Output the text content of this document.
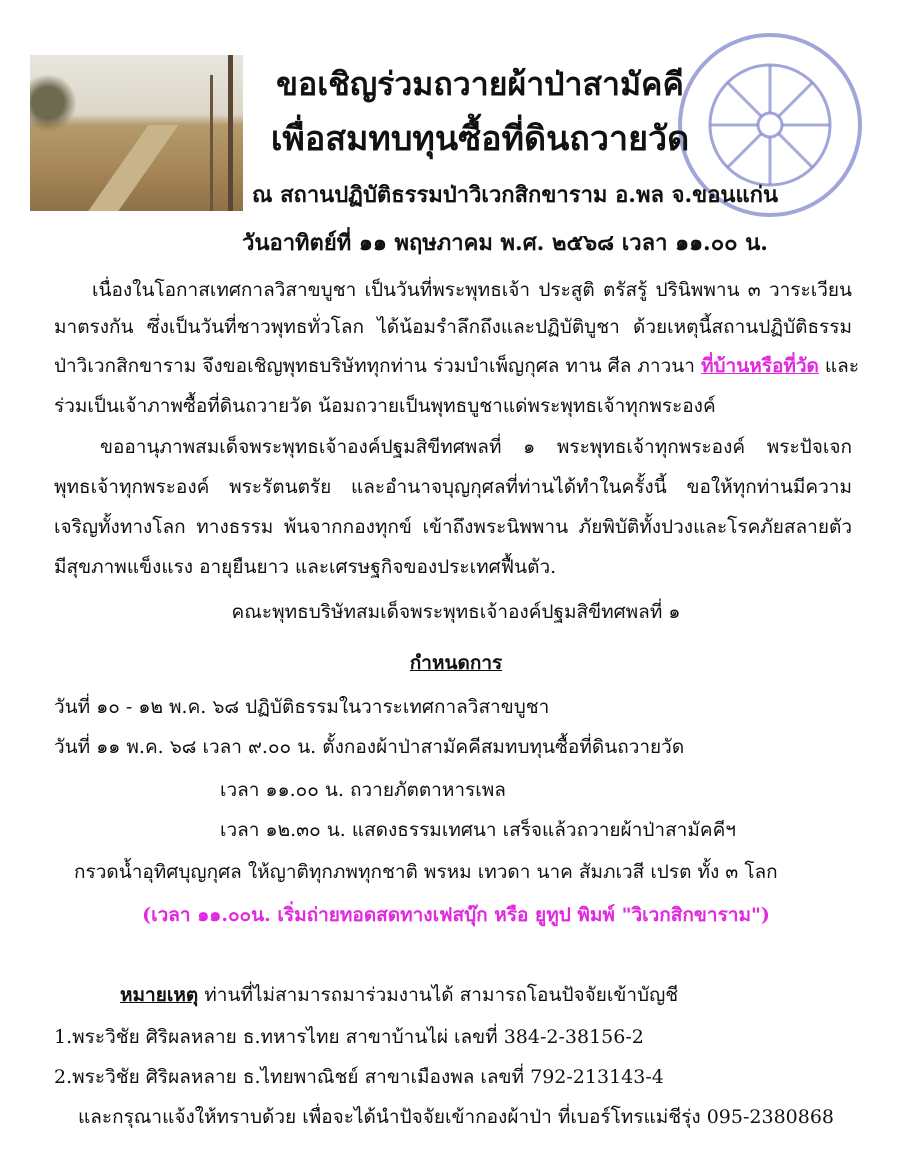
ขอเชิญร่วมถวายผ้าป่าสามัคคี
เพื่อสมทบทุนซื้อที่ดินถวายวัด
ณ สถานปฏิบัติธรรมป่าวิเวกสิกขาราม อ.พล จ.ขอนแก่น
วันอาทิตย์ที่ ๑๑ พฤษภาคม พ.ศ. ๒๕๖๘ เวลา ๑๑.๐๐ น.
เนื่องในโอกาสเทศกาลวิสาขบูชา เป็นวันที่พระพุทธเจ้า ประสูติ ตรัสรู้ ปรินิพพาน ๓ วาระเวียน
มาตรงกัน ซึ่งเป็นวันที่ชาวพุทธทั่วโลก ได้น้อมรำลึกถึงและปฏิบัติบูชา ด้วยเหตุนี้สถานปฏิบัติธรรม
ป่าวิเวกสิกขาราม จึงขอเชิญพุทธบริษัททุกท่าน ร่วมบำเพ็ญกุศล ทาน ศีล ภาวนา ที่บ้านหรือที่วัด และ
ร่วมเป็นเจ้าภาพซื้อที่ดินถวายวัด น้อมถวายเป็นพุทธบูชาแด่พระพุทธเจ้าทุกพระองค์
ขออานุภาพสมเด็จพระพุทธเจ้าองค์ปฐมสิขีทศพลที่ ๑ พระพุทธเจ้าทุกพระองค์ พระปัจเจก
พุทธเจ้าทุกพระองค์ พระรัตนตรัย และอำนาจบุญกุศลที่ท่านได้ทำในครั้งนี้ ขอให้ทุกท่านมีความ
เจริญทั้งทางโลก ทางธรรม พ้นจากกองทุกข์ เข้าถึงพระนิพพาน ภัยพิบัติทั้งปวงและโรคภัยสลายตัว
มีสุขภาพแข็งแรง อายุยืนยาว และเศรษฐกิจของประเทศฟื้นตัว.
คณะพุทธบริษัทสมเด็จพระพุทธเจ้าองค์ปฐมสิขีทศพลที่ ๑
กำหนดการ
วันที่ ๑๐ - ๑๒ พ.ค. ๖๘ ปฏิบัติธรรมในวาระเทศกาลวิสาขบูชา
วันที่ ๑๑ พ.ค. ๖๘ เวลา ๙.๐๐ น. ตั้งกองผ้าป่าสามัคคีสมทบทุนซื้อที่ดินถวายวัด
เวลา ๑๑.๐๐ น. ถวายภัตตาหารเพล
เวลา ๑๒.๓๐ น. แสดงธรรมเทศนา เสร็จแล้วถวายผ้าป่าสามัคคีฯ
กรวดน้ำอุทิศบุญกุศล ให้ญาติทุกภพทุกชาติ พรหม เทวดา นาค สัมภเวสี เปรต ทั้ง ๓ โลก
(เวลา ๑๑.๐๐น. เริ่มถ่ายทอดสดทางเฟสบุ๊ก หรือ ยูทูป พิมพ์ "วิเวกสิกขาราม")
หมายเหตุ ท่านที่ไม่สามารถมาร่วมงานได้ สามารถโอนปัจจัยเข้าบัญชี
1.พระวิชัย ศิริผลหลาย ธ.ทหารไทย สาขาบ้านไผ่ เลขที่ 384-2-38156-2
2.พระวิชัย ศิริผลหลาย ธ.ไทยพาณิชย์ สาขาเมืองพล เลขที่ 792-213143-4
และกรุณาแจ้งให้ทราบด้วย เพื่อจะได้นำปัจจัยเข้ากองผ้าป่า ที่เบอร์โทรแม่ชีรุ่ง 095-2380868
